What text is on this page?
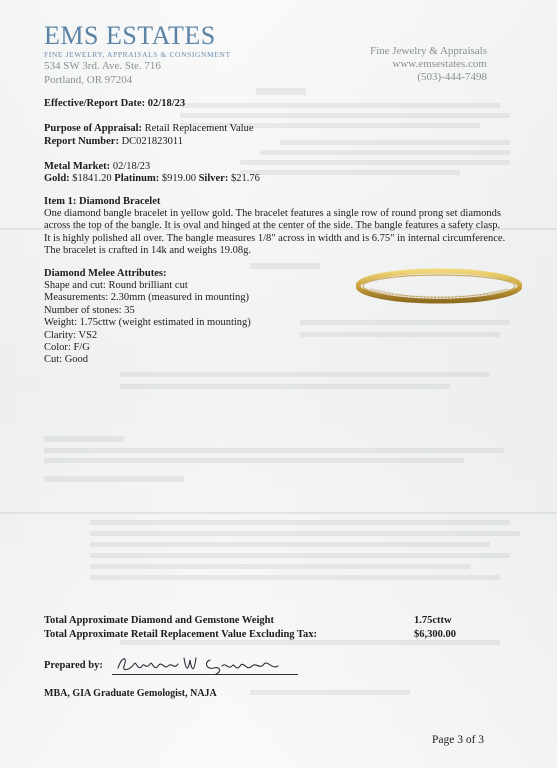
EMS ESTATES
FINE JEWELRY, APPRAISALS & CONSIGNMENT
534 SW 3rd. Ave. Ste. 716
Portland, OR 97204
Fine Jewelry & Appraisals
www.emsestates.com
(503)-444-7498
Effective/Report Date: 02/18/23
Purpose of Appraisal: Retail Replacement Value
Report Number: DC021823011
Metal Market: 02/18/23
Gold: $1841.20 Platinum: $919.00 Silver: $21.76
Item 1: Diamond Bracelet
One diamond bangle bracelet in yellow gold. The bracelet features a single row of round prong set diamonds
across the top of the bangle. It is oval and hinged at the center of the side. The bangle features a safety clasp.
It is highly polished all over. The bangle measures 1/8" across in width and is 6.75" in internal circumference.
The bracelet is crafted in 14k and weighs 19.08g.
Diamond Melee Attributes:
Shape and cut: Round brilliant cut
Measurements: 2.30mm (measured in mounting)
Number of stones: 35
Weight: 1.75cttw (weight estimated in mounting)
Clarity: VS2
Color: F/G
Cut: Good
Total Approximate Diamond and Gemstone Weight
Total Approximate Retail Replacement Value Excluding Tax:
1.75cttw
$6,300.00
Prepared by:
MBA, GIA Graduate Gemologist, NAJA
Page 3 of 3
